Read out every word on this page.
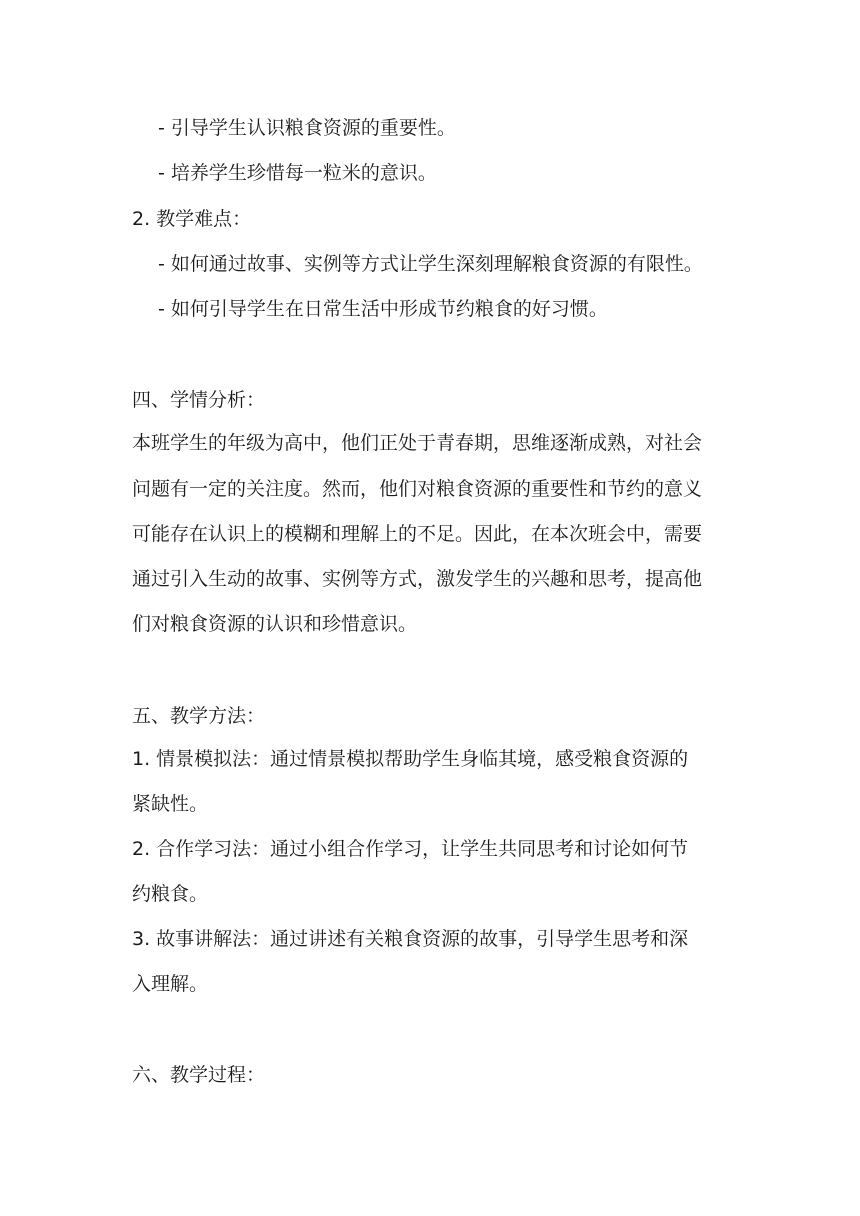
- 引导学生认识粮食资源的重要性。
- 培养学生珍惜每一粒米的意识。
2. 教学难点：
- 如何通过故事、实例等方式让学生深刻理解粮食资源的有限性。
- 如何引导学生在日常生活中形成节约粮食的好习惯。
四、学情分析：
本班学生的年级为高中，他们正处于青春期，思维逐渐成熟，对社会
问题有一定的关注度。然而，他们对粮食资源的重要性和节约的意义
可能存在认识上的模糊和理解上的不足。因此，在本次班会中，需要
通过引入生动的故事、实例等方式，激发学生的兴趣和思考，提高他
们对粮食资源的认识和珍惜意识。
五、教学方法：
1. 情景模拟法：通过情景模拟帮助学生身临其境，感受粮食资源的
紧缺性。
2. 合作学习法：通过小组合作学习，让学生共同思考和讨论如何节
约粮食。
3. 故事讲解法：通过讲述有关粮食资源的故事，引导学生思考和深
入理解。
六、教学过程：
